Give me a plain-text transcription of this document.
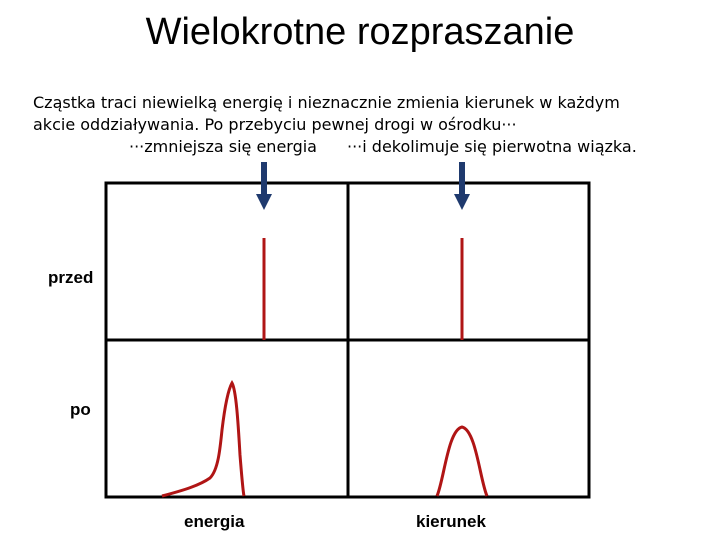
Wielokrotne rozpraszanie
Cząstka traci niewielką energię i nieznacznie zmienia kierunek w każdym
akcie oddziaływania. Po przebyciu pewnej drogi w ośrodku···
···zmniejsza się energia ···i dekolimuje się pierwotna wiązka.
przed
po
energia	kierunek
